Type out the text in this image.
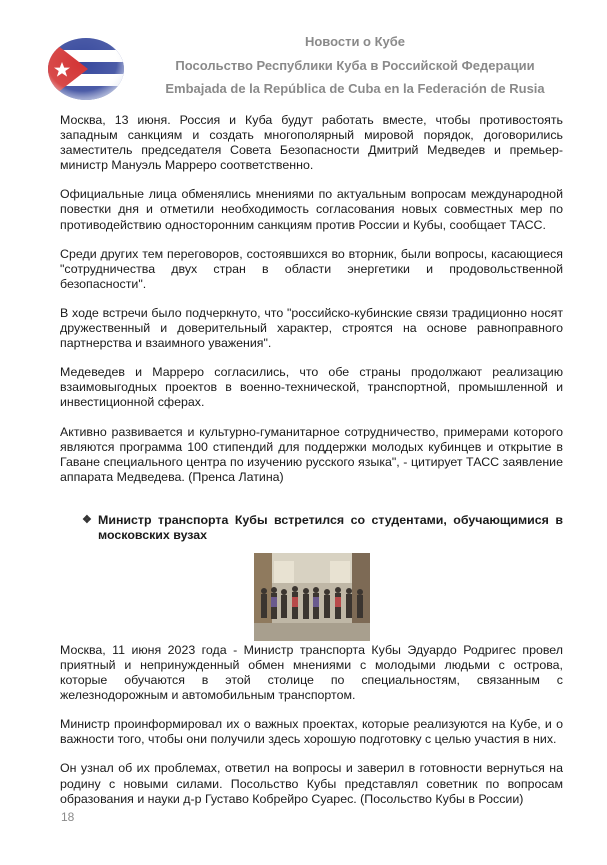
Новости о Кубе
Посольство Республики Куба в Российской Федерации
Embajada de la República de Cuba en la Federación de Rusia

Москва, 13 июня. Россия и Куба будут работать вместе, чтобы противостоять западным санкциям и создать многополярный мировой порядок, договорились заместитель председателя Совета Безопасности Дмитрий Медведев и премьер-министр Мануэль Марреро соответственно.

Официальные лица обменялись мнениями по актуальным вопросам международной повестки дня и отметили необходимость согласования новых совместных мер по противодействию односторонним санкциям против России и Кубы, сообщает ТАСС.

Среди других тем переговоров, состоявшихся во вторник, были вопросы, касающиеся "сотрудничества двух стран в области энергетики и продовольственной безопасности".

В ходе встречи было подчеркнуто, что "российско-кубинские связи традиционно носят дружественный и доверительный характер, строятся на основе равноправного партнерства и взаимного уважения".

Медеведев и Марреро согласились, что обе страны продолжают реализацию взаимовыгодных проектов в военно-технической, транспортной, промышленной и инвестиционной сферах.

Активно развивается и культурно-гуманитарное сотрудничество, примерами которого являются программа 100 стипендий для поддержки молодых кубинцев и открытие в Гаване специального центра по изучению русского языка", - цитирует ТАСС заявление аппарата Медведева. (Пренса Латина)

❖ Министр транспорта Кубы встретился со студентами, обучающимися в московских вузах

Москва, 11 июня 2023 года - Министр транспорта Кубы Эдуардо Родригес провел приятный и непринужденный обмен мнениями с молодыми людьми с острова, которые обучаются в этой столице по специальностям, связанным с железнодорожным и автомобильным транспортом.

Министр проинформировал их о важных проектах, которые реализуются на Кубе, и о важности того, чтобы они получили здесь хорошую подготовку с целью участия в них.

Он узнал об их проблемах, ответил на вопросы и заверил в готовности вернуться на родину с новыми силами. Посольство Кубы представлял советник по вопросам образования и науки д-р Густаво Кобрейро Суарес. (Посольство Кубы в России)

18
